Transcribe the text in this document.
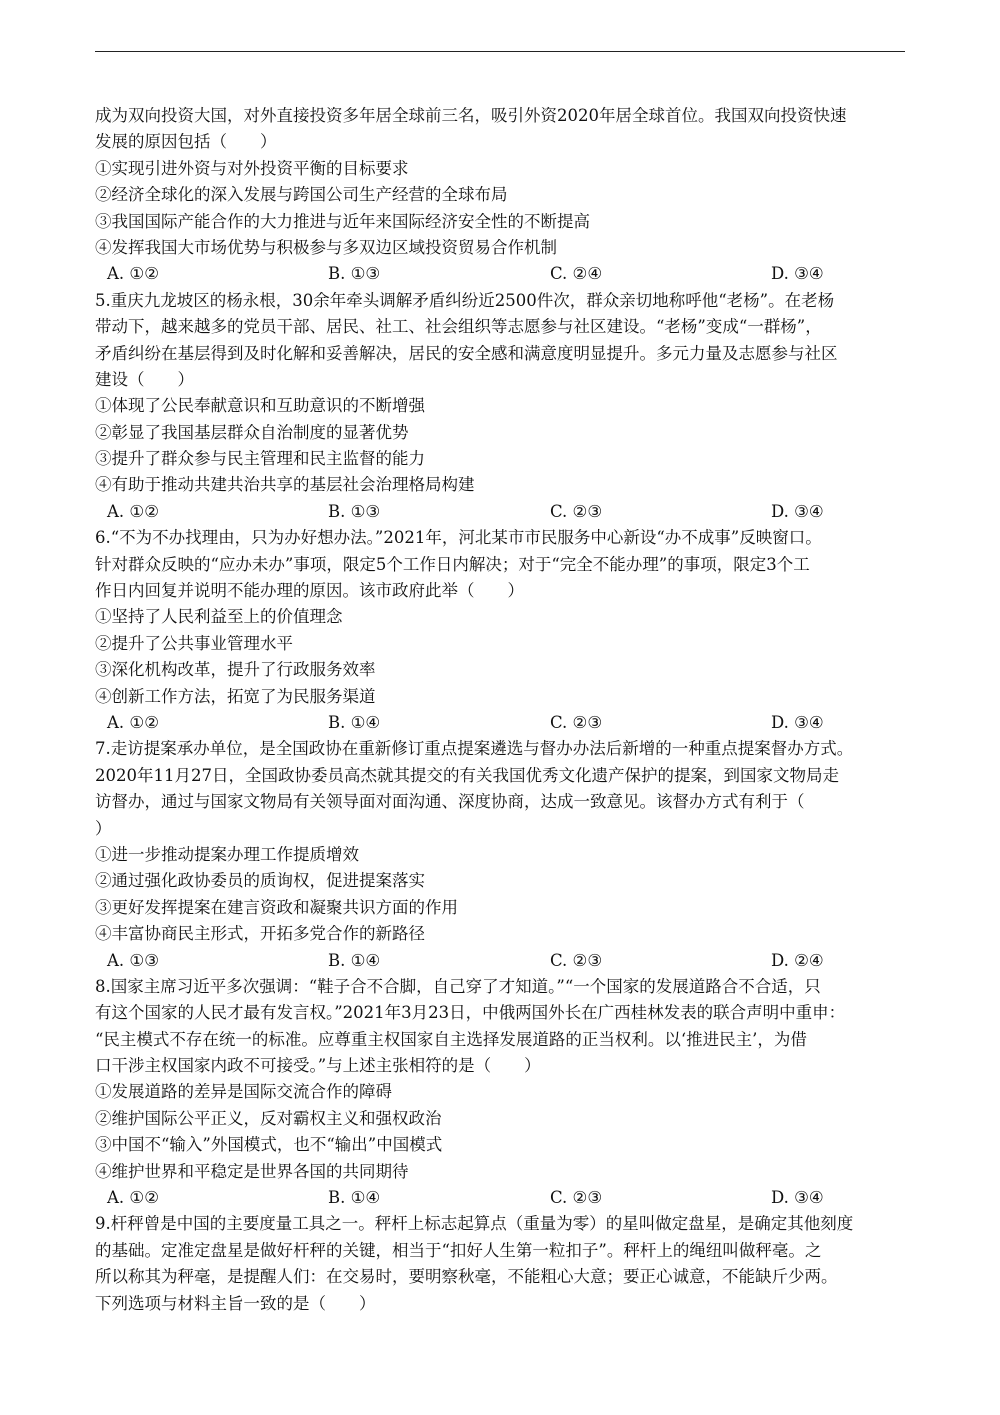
成为双向投资大国，对外直接投资多年居全球前三名，吸引外资2020年居全球首位。我国双向投资快速
发展的原因包括（　　）
①实现引进外资与对外投资平衡的目标要求
②经济全球化的深入发展与跨国公司生产经营的全球布局
③我国国际产能合作的大力推进与近年来国际经济安全性的不断提高
④发挥我国大市场优势与积极参与多双边区域投资贸易合作机制
A. ①②	B. ①③	C. ②④	D. ③④
5.重庆九龙坡区的杨永根，30余年牵头调解矛盾纠纷近2500件次，群众亲切地称呼他“老杨”。在老杨
带动下，越来越多的党员干部、居民、社工、社会组织等志愿参与社区建设。“老杨”变成“一群杨”，
矛盾纠纷在基层得到及时化解和妥善解决，居民的安全感和满意度明显提升。多元力量及志愿参与社区
建设（　　）
①体现了公民奉献意识和互助意识的不断增强
②彰显了我国基层群众自治制度的显著优势
③提升了群众参与民主管理和民主监督的能力
④有助于推动共建共治共享的基层社会治理格局构建
A. ①②	B. ①③	C. ②③	D. ③④
6.“不为不办找理由，只为办好想办法。”2021年，河北某市市民服务中心新设“办不成事”反映窗口。
针对群众反映的“应办未办”事项，限定5个工作日内解决；对于“完全不能办理”的事项，限定3个工
作日内回复并说明不能办理的原因。该市政府此举（　　）
①坚持了人民利益至上的价值理念
②提升了公共事业管理水平
③深化机构改革，提升了行政服务效率
④创新工作方法，拓宽了为民服务渠道
A. ①②	B. ①④	C. ②③	D. ③④
7.走访提案承办单位，是全国政协在重新修订重点提案遴选与督办办法后新增的一种重点提案督办方式。
2020年11月27日，全国政协委员高杰就其提交的有关我国优秀文化遗产保护的提案，到国家文物局走
访督办，通过与国家文物局有关领导面对面沟通、深度协商，达成一致意见。该督办方式有利于（
）
①进一步推动提案办理工作提质增效
②通过强化政协委员的质询权，促进提案落实
③更好发挥提案在建言资政和凝聚共识方面的作用
④丰富协商民主形式，开拓多党合作的新路径
A. ①③	B. ①④	C. ②③	D. ②④
8.国家主席习近平多次强调：“鞋子合不合脚，自己穿了才知道。”“一个国家的发展道路合不合适，只
有这个国家的人民才最有发言权。”2021年3月23日，中俄两国外长在广西桂林发表的联合声明中重申：
“民主模式不存在统一的标准。应尊重主权国家自主选择发展道路的正当权利。以‘推进民主’，为借
口干涉主权国家内政不可接受。”与上述主张相符的是（　　）
①发展道路的差异是国际交流合作的障碍
②维护国际公平正义，反对霸权主义和强权政治
③中国不“输入”外国模式，也不“输出”中国模式
④维护世界和平稳定是世界各国的共同期待
A. ①②	B. ①④	C. ②③	D. ③④
9.杆秤曾是中国的主要度量工具之一。秤杆上标志起算点（重量为零）的星叫做定盘星，是确定其他刻度
的基础。定准定盘星是做好杆秤的关键，相当于“扣好人生第一粒扣子”。秤杆上的绳纽叫做秤毫。之
所以称其为秤毫，是提醒人们：在交易时，要明察秋毫，不能粗心大意；要正心诚意，不能缺斤少两。
下列选项与材料主旨一致的是（　　）
